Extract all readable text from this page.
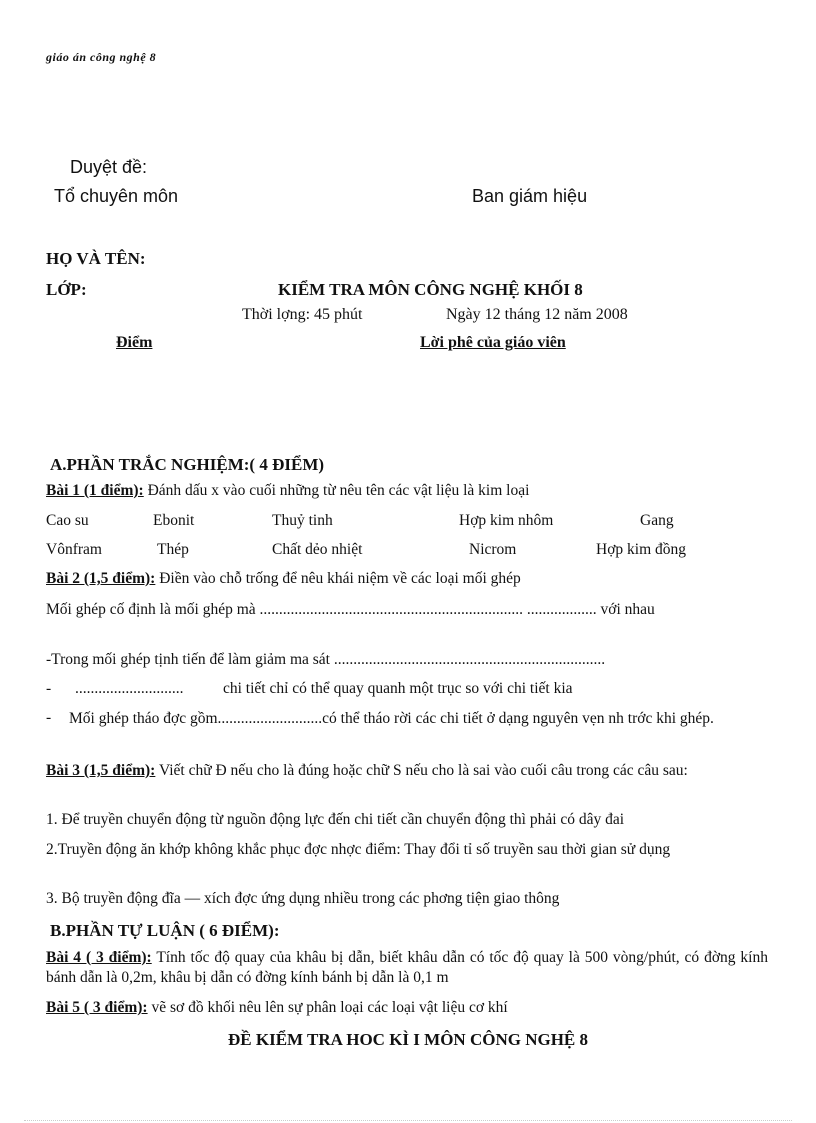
giáo án công nghệ 8
Duyệt đề:
Tổ chuyên môn	Ban giám hiệu
HỌ VÀ TÊN:
LỚP:	KIỂM TRA MÔN CÔNG NGHỆ KHỐI 8
Thời lợng: 45 phút	Ngày 12 tháng 12 năm 2008
Điểm	Lời phê của giáo viên
A.PHẦN TRẮC NGHIỆM:( 4 ĐIỂM)
Bài 1 (1 điểm): Đánh dấu x vào cuối những từ nêu tên các vật liệu là kim loại
Cao su	Ebonit	Thuỷ tinh	Hợp kim nhôm	Gang
Vônfram	Thép	Chất dẻo nhiệt	Nicrom	Hợp kim đồng
Bài 2 (1,5 điểm): Điền vào chỗ trống để nêu khái niệm về các loại mối ghép
Mối ghép cố định là mối ghép mà .................................................................... .................. với nhau
-Trong mối ghép tịnh tiến để làm giảm ma sát ......................................................................
- ............................	chi tiết chỉ có thể quay quanh một trục so với chi tiết kia
- Mối ghép tháo đợc gồm...........................có thể tháo rời các chi tiết ở dạng nguyên vẹn nh trớc khi ghép.
Bài 3 (1,5 điểm): Viết chữ Đ nếu cho là đúng hoặc chữ S nếu cho là sai vào cuối câu trong các câu sau:
1. Để truyền chuyển động từ nguồn động lực đến chi tiết cần chuyển động thì phải có dây đai
2.Truyền động ăn khớp không khắc phục đợc nhợc điểm: Thay đổi tỉ số truyền sau thời gian sử dụng
3. Bộ truyền động đĩa — xích đợc ứng dụng nhiều trong các phơng tiện giao thông
B.PHẦN TỰ LUẬN ( 6 ĐIỂM):
Bài 4 ( 3 điểm): Tính tốc độ quay của khâu bị dẫn, biết khâu dẫn có tốc độ quay là 500 vòng/phút, có đờng kính bánh dẫn là 0,2m, khâu bị dẫn có đờng kính bánh bị dẫn là 0,1 m
Bài 5 ( 3 điểm): vẽ sơ đồ khối nêu lên sự phân loại các loại vật liệu cơ khí
ĐỀ KIỂM TRA HOC KÌ I MÔN CÔNG NGHỆ 8
